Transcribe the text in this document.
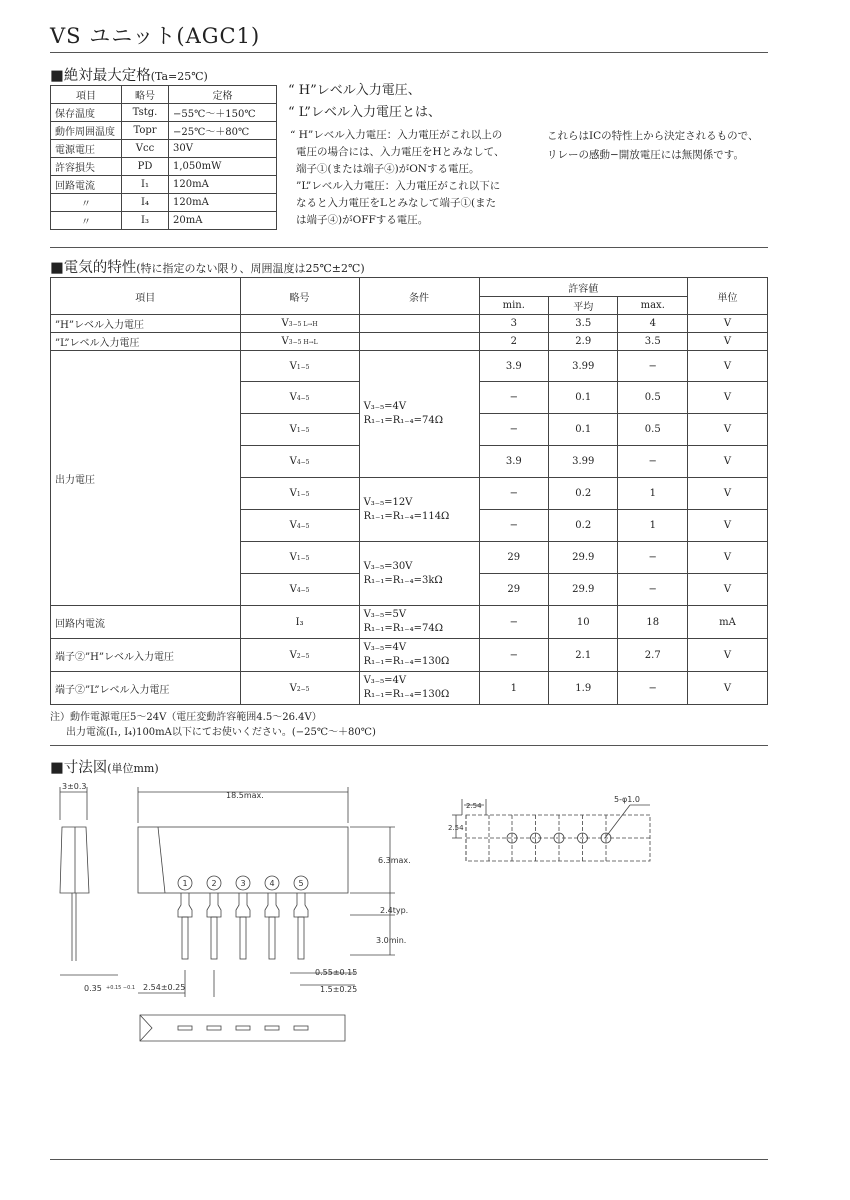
VS ユニット(AGC1)
■絶対最大定格(Ta=25℃)
項目	略号	定格
保存温度	Tstg.	−55℃〜＋150℃
動作周囲温度	Topr	−25℃〜＋80℃
電源電圧	Vcc	30V
許容損失	PD	1,050mW
回路電流	I₁	120mA
〃	I₄	120mA
〃	I₃	20mA
“ H”レベル入力電圧、
“ L”レベル入力電圧とは、
“ H”レベル入力電圧：入力電圧がこれ以上の
電圧の場合には、入力電圧をHとみなして、
端子①(または端子④)がONする電圧。
”L”レベル入力電圧：入力電圧がこれ以下に
なると入力電圧をLとみなして端子①(また
は端子④)がOFFする電圧。
これらはICの特性上から決定されるもので、
リレーの感動−開放電圧には無関係です。
■電気的特性(特に指定のない限り、周囲温度は25℃±2℃)
項目	略号	条件	許容値			単位
			min.	平均	max.	
”H”レベル入力電圧	V3−5 L→H		3	3.5	4	V
”L”レベル入力電圧	V3−5 H→L		2	2.9	3.5	V
出力電圧	V1−5	V₃₋₅=4V
R₁₋₁=R₁₋₄=74Ω	3.9	3.99	−	V
	V4−5		−	0.1	0.5	V
	V1−5		−	0.1	0.5	V
	V4−5		3.9	3.99	−	V
	V1−5	V₃₋₅=12V
R₁₋₁=R₁₋₄=114Ω	−	0.2	1	V
	V4−5		−	0.2	1	V
	V1−5	V₃₋₅=30V
R₁₋₁=R₁₋₄=3kΩ	29	29.9	−	V
	V4−5		29	29.9	−	V
回路内電流	I₃	V₃₋₅=5V
R₁₋₁=R₁₋₄=74Ω	−	10	18	mA
端子②”H”レベル入力電圧	V2−5	V₃₋₅=4V
R₁₋₁=R₁₋₄=130Ω	−	2.1	2.7	V
端子②”L”レベル入力電圧	V2−5	V₃₋₅=4V
R₁₋₁=R₁₋₄=130Ω	1	1.9	−	V
注）動作電源電圧5〜24V（電圧変動許容範囲4.5〜26.4V）
出力電流(I₁, I₄)100mA以下にてお使いください。(−25℃〜＋80℃)
■寸法図(単位mm)
3±0.3
18.5max.
6.3max.
2.4typ.
3.0min.
0.35 +0.15 −0.1 2.54±0.25
0.55±0.15
1.5±0.25
2.54
2.54
5-φ1.0
1	2	3	4	5
